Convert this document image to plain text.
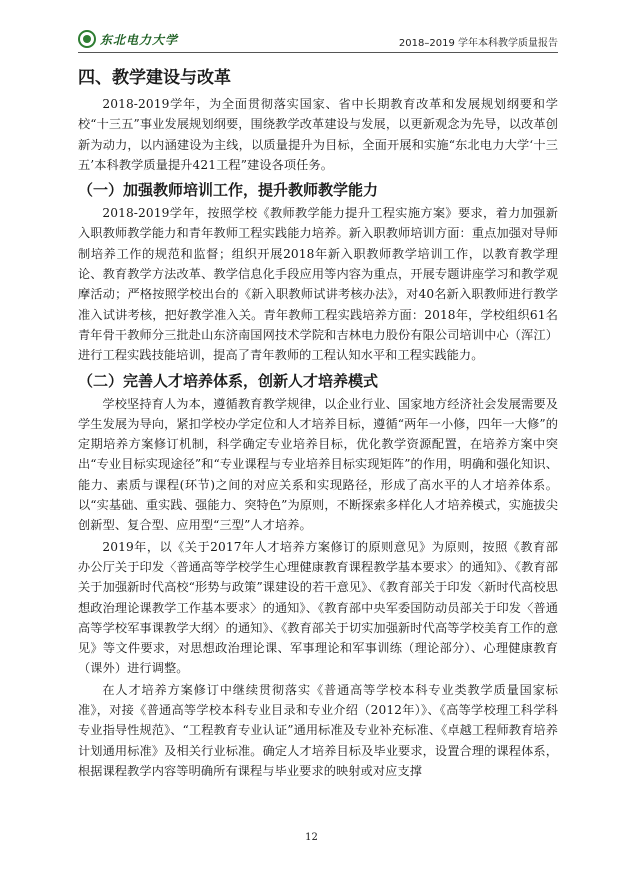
东北电力大学	2018–2019 学年本科教学质量报告
四、教学建设与改革

2018-2019学年，为全面贯彻落实国家、省中长期教育改革和发展规划纲要和学校“十三五”事业发展规划纲要，围绕教学改革建设与发展，以更新观念为先导，以改革创新为动力，以内涵建设为主线，以质量提升为目标，全面开展和实施“东北电力大学‘十三五’本科教学质量提升421工程”建设各项任务。

（一）加强教师培训工作，提升教师教学能力

2018-2019学年，按照学校《教师教学能力提升工程实施方案》要求，着力加强新入职教师教学能力和青年教师工程实践能力培养。新入职教师培训方面：重点加强对导师制培养工作的规范和监督；组织开展2018年新入职教师教学培训工作，以教育教学理论、教育教学方法改革、教学信息化手段应用等内容为重点，开展专题讲座学习和教学观摩活动；严格按照学校出台的《新入职教师试讲考核办法》，对40名新入职教师进行教学准入试讲考核，把好教学准入关。青年教师工程实践培养方面：2018年，学校组织61名青年骨干教师分三批赴山东济南国网技术学院和吉林电力股份有限公司培训中心（浑江）进行工程实践技能培训，提高了青年教师的工程认知水平和工程实践能力。

（二）完善人才培养体系，创新人才培养模式

学校坚持育人为本，遵循教育教学规律，以企业行业、国家地方经济社会发展需要及学生发展为导向，紧扣学校办学定位和人才培养目标，遵循“两年一小修，四年一大修”的定期培养方案修订机制，科学确定专业培养目标，优化教学资源配置，在培养方案中突出“专业目标实现途径”和“专业课程与专业培养目标实现矩阵”的作用，明确和强化知识、能力、素质与课程(环节)之间的对应关系和实现路径，形成了高水平的人才培养体系。以“实基础、重实践、强能力、突特色”为原则，不断探索多样化人才培养模式，实施拔尖创新型、复合型、应用型“三型”人才培养。

2019年，以《关于2017年人才培养方案修订的原则意见》为原则，按照《教育部办公厅关于印发〈普通高等学校学生心理健康教育课程教学基本要求〉的通知》、《教育部关于加强新时代高校“形势与政策”课建设的若干意见》、《教育部关于印发〈新时代高校思想政治理论课教学工作基本要求〉的通知》、《教育部中央军委国防动员部关于印发〈普通高等学校军事课教学大纲〉的通知》、《教育部关于切实加强新时代高等学校美育工作的意见》等文件要求，对思想政治理论课、军事理论和军事训练（理论部分）、心理健康教育（课外）进行调整。

在人才培养方案修订中继续贯彻落实《普通高等学校本科专业类教学质量国家标准》，对接《普通高等学校本科专业目录和专业介绍（2012年）》、《高等学校理工科学科专业指导性规范》、“工程教育专业认证”通用标准及专业补充标准、《卓越工程师教育培养计划通用标准》及相关行业标准。确定人才培养目标及毕业要求，设置合理的课程体系，根据课程教学内容等明确所有课程与毕业要求的映射或对应支撑

12
